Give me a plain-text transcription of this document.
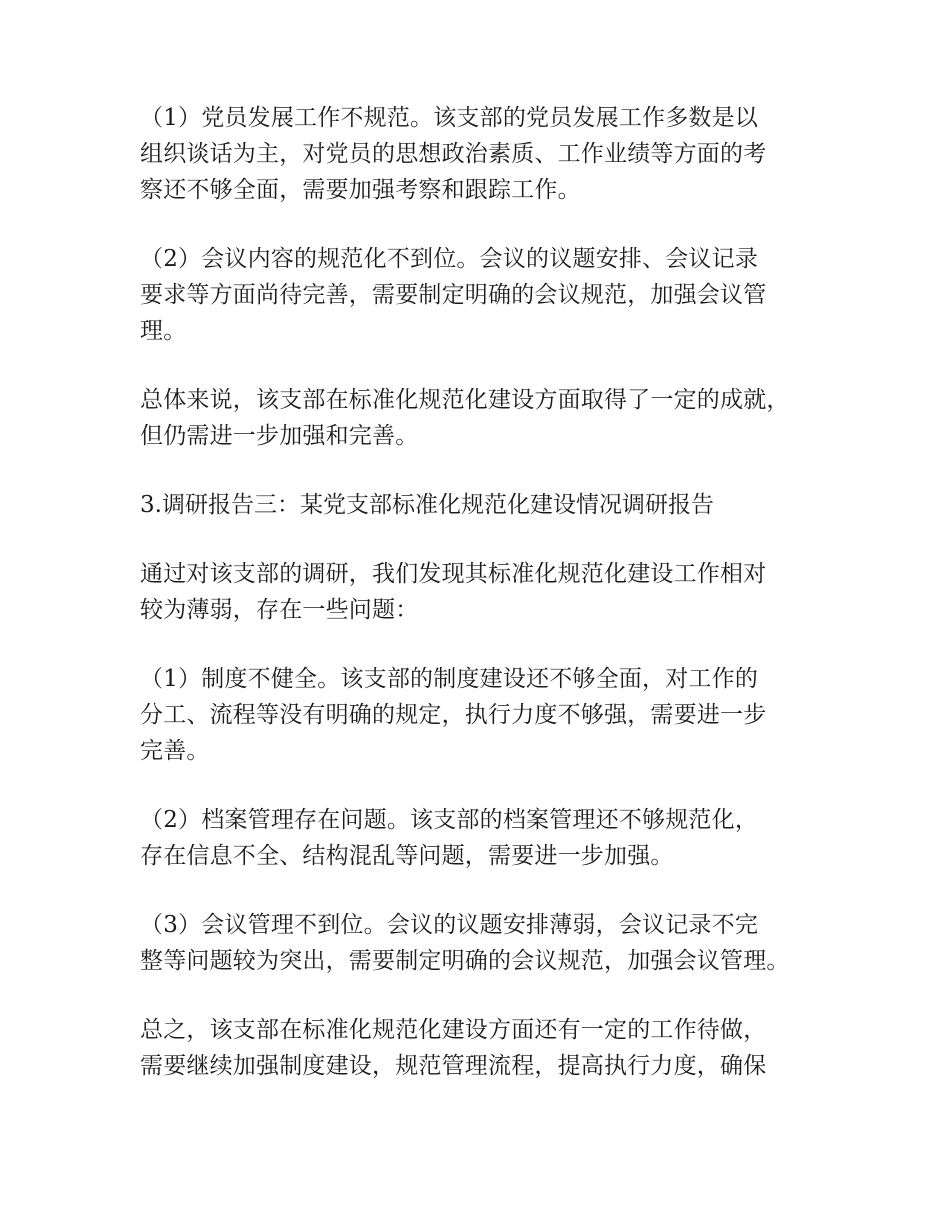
（1）党员发展工作不规范。该支部的党员发展工作多数是以
组织谈话为主，对党员的思想政治素质、工作业绩等方面的考
察还不够全面，需要加强考察和跟踪工作。

（2）会议内容的规范化不到位。会议的议题安排、会议记录
要求等方面尚待完善，需要制定明确的会议规范，加强会议管
理。

总体来说，该支部在标准化规范化建设方面取得了一定的成就，
但仍需进一步加强和完善。

3.调研报告三：某党支部标准化规范化建设情况调研报告

通过对该支部的调研，我们发现其标准化规范化建设工作相对
较为薄弱，存在一些问题：

（1）制度不健全。该支部的制度建设还不够全面，对工作的
分工、流程等没有明确的规定，执行力度不够强，需要进一步
完善。

（2）档案管理存在问题。该支部的档案管理还不够规范化，
存在信息不全、结构混乱等问题，需要进一步加强。

（3）会议管理不到位。会议的议题安排薄弱，会议记录不完
整等问题较为突出，需要制定明确的会议规范，加强会议管理。

总之，该支部在标准化规范化建设方面还有一定的工作待做，
需要继续加强制度建设，规范管理流程，提高执行力度，确保
